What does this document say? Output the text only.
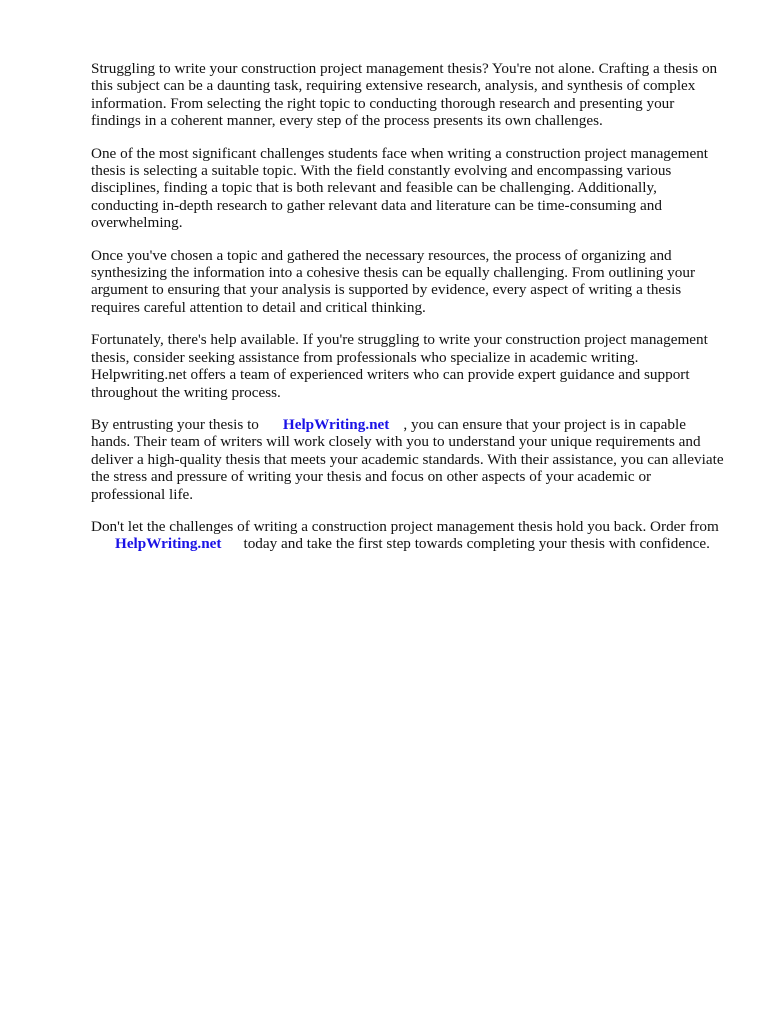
Struggling to write your construction project management thesis? You're not alone. Crafting a thesis on this subject can be a daunting task, requiring extensive research, analysis, and synthesis of complex information. From selecting the right topic to conducting thorough research and presenting your findings in a coherent manner, every step of the process presents its own challenges.

One of the most significant challenges students face when writing a construction project management thesis is selecting a suitable topic. With the field constantly evolving and encompassing various disciplines, finding a topic that is both relevant and feasible can be challenging. Additionally, conducting in-depth research to gather relevant data and literature can be time-consuming and overwhelming.

Once you've chosen a topic and gathered the necessary resources, the process of organizing and synthesizing the information into a cohesive thesis can be equally challenging. From outlining your argument to ensuring that your analysis is supported by evidence, every aspect of writing a thesis requires careful attention to detail and critical thinking.

Fortunately, there's help available. If you're struggling to write your construction project management thesis, consider seeking assistance from professionals who specialize in academic writing. Helpwriting.net offers a team of experienced writers who can provide expert guidance and support throughout the writing process.

By entrusting your thesis to HelpWriting.net , you can ensure that your project is in capable hands. Their team of writers will work closely with you to understand your unique requirements and deliver a high-quality thesis that meets your academic standards. With their assistance, you can alleviate the stress and pressure of writing your thesis and focus on other aspects of your academic or professional life.

Don't let the challenges of writing a construction project management thesis hold you back. Order fromHelpWriting.net today and take the first step towards completing your thesis with confidence.
